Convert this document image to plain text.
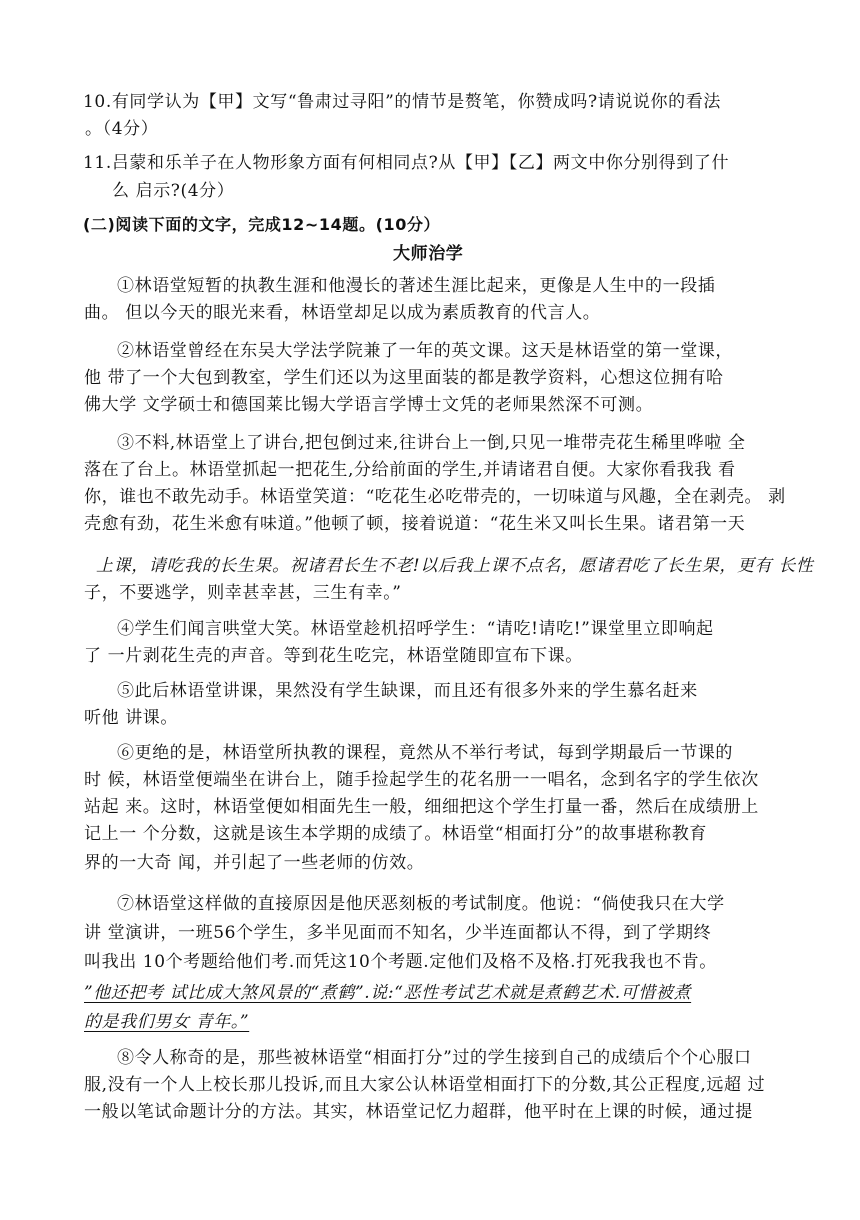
10.有同学认为【甲】文写“鲁肃过寻阳”的情节是赘笔，你赞成吗?请说说你的看法
。（4分）
11.吕蒙和乐羊子在人物形象方面有何相同点?从【甲】【乙】两文中你分别得到了什
么 启示?(4分）
(二)阅读下面的文字，完成12~14题。(10分）
大师治学
①林语堂短暂的执教生涯和他漫长的著述生涯比起来，更像是人生中的一段插
曲。 但以今天的眼光来看，林语堂却足以成为素质教育的代言人。
②林语堂曾经在东吴大学法学院兼了一年的英文课。这天是林语堂的第一堂课，
他 带了一个大包到教室，学生们还以为这里面装的都是教学资料，心想这位拥有哈
佛大学 文学硕士和德国莱比锡大学语言学博士文凭的老师果然深不可测。
③不料,林语堂上了讲台,把包倒过来,往讲台上一倒,只见一堆带壳花生稀里哗啦 全
落在了台上。林语堂抓起一把花生,分给前面的学生,并请诸君自便。大家你看我我 看
你，谁也不敢先动手。林语堂笑道：“吃花生必吃带壳的，一切味道与风趣，全在剥壳。 剥
壳愈有劲，花生米愈有味道。”他顿了顿，接着说道：“花生米又叫长生果。诸君第一天
上课，请吃我的长生果。祝诸君长生不老!以后我上课不点名，愿诸君吃了长生果，更有 长性
子，不要逃学，则幸甚幸甚，三生有幸。”
④学生们闻言哄堂大笑。林语堂趁机招呼学生：“请吃!请吃!”课堂里立即响起
了 一片剥花生壳的声音。等到花生吃完，林语堂随即宣布下课。
⑤此后林语堂讲课，果然没有学生缺课，而且还有很多外来的学生慕名赶来
听他 讲课。
⑥更绝的是，林语堂所执教的课程，竟然从不举行考试，每到学期最后一节课的
时 候，林语堂便端坐在讲台上，随手捡起学生的花名册一一唱名，念到名字的学生依次
站起 来。这时，林语堂便如相面先生一般，细细把这个学生打量一番，然后在成绩册上
记上一 个分数，这就是该生本学期的成绩了。林语堂“相面打分”的故事堪称教育
界的一大奇 闻，并引起了一些老师的仿效。
⑦林语堂这样做的直接原因是他厌恶刻板的考试制度。他说：“倘使我只在大学
讲 堂演讲，一班56个学生，多半见面而不知名，少半连面都认不得，到了学期终
叫我出 10个考题给他们考.而凭这10个考题.定他们及格不及格.打死我我也不肯。
”他还把考 试比成大煞风景的“煮鹤”.说:“恶性考试艺术就是煮鹤艺术.可惜被煮
的是我们男女 青年。”
⑧令人称奇的是，那些被林语堂“相面打分”过的学生接到自己的成绩后个个心服口
服,没有一个人上校长那儿投诉,而且大家公认林语堂相面打下的分数,其公正程度,远超 过
一般以笔试命题计分的方法。其实，林语堂记忆力超群，他平时在上课的时候，通过提
